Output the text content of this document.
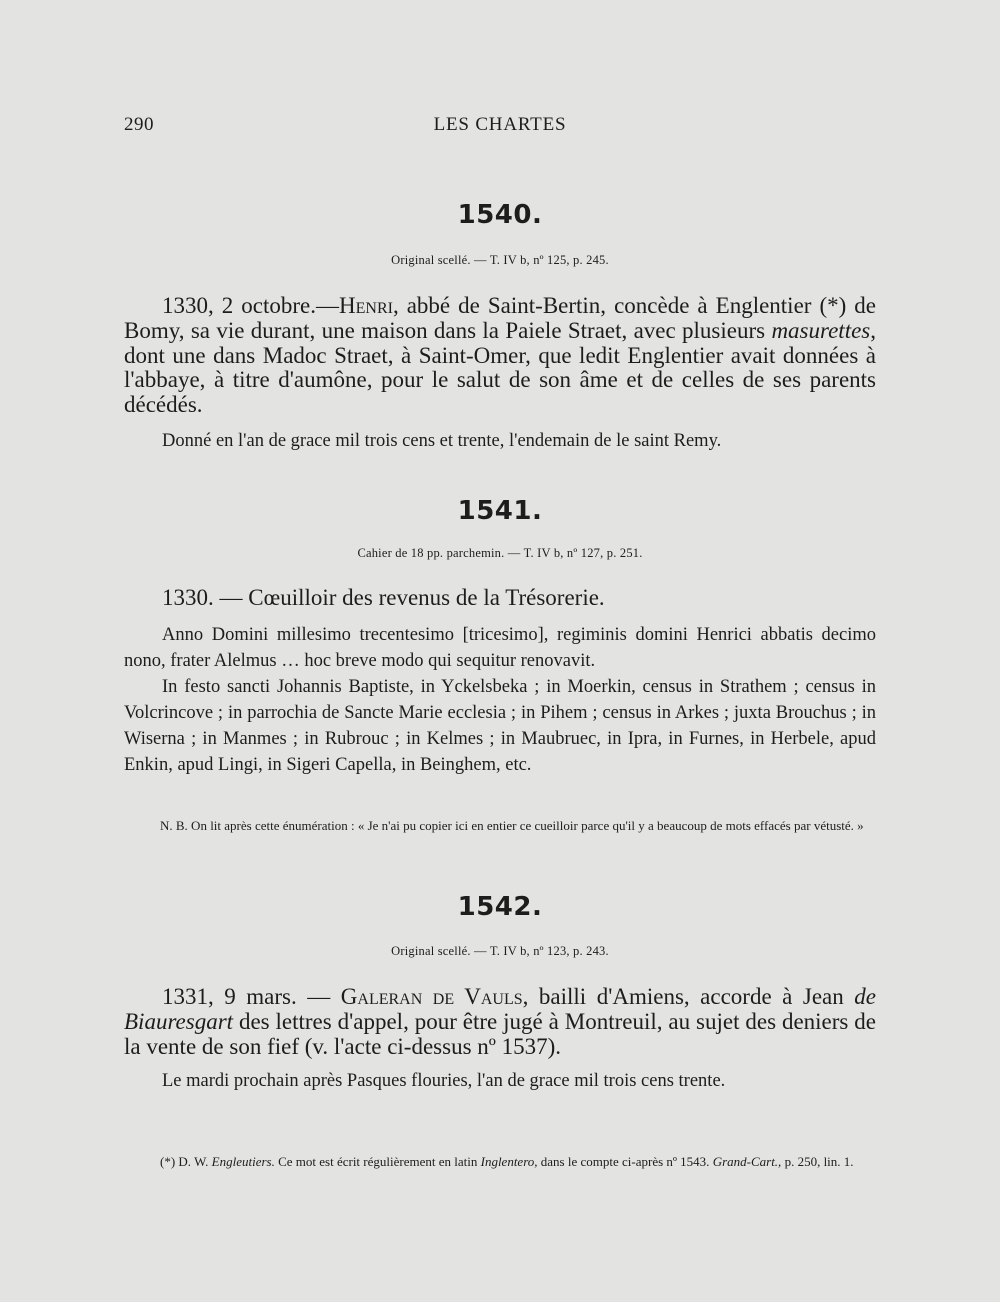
290	LES CHARTES
1540.
Original scellé. — T. IV b, nº 125, p. 245.
1330, 2 octobre.—Henri, abbé de Saint-Bertin, concède à Englentier (*) de Bomy, sa vie durant, une maison dans la Paiele Straet, avec plusieurs masurettes, dont une dans Madoc Straet, à Saint-Omer, que ledit Englentier avait données à l'abbaye, à titre d'aumône, pour le salut de son âme et de celles de ses parents décédés.

Donné en l'an de grace mil trois cens et trente, l'endemain de le saint Remy.

1541.
Cahier de 18 pp. parchemin. — T. IV b, nº 127, p. 251.
1330. — Cœuilloir des revenus de la Trésorerie.

Anno Domini millesimo trecentesimo [tricesimo], regiminis domini Henrici abbatis decimo nono, frater Alelmus … hoc breve modo qui sequitur renovavit.

In festo sancti Johannis Baptiste, in Yckelsbeka ; in Moerkin, census in Strathem ; census in Volcrincove ; in parrochia de Sancte Marie ecclesia ; in Pihem ; census in Arkes ; juxta Brouchus ; in Wiserna ; in Manmes ; in Rubrouc ; in Kelmes ; in Maubruec, in Ipra, in Furnes, in Herbele, apud Enkin, apud Lingi, in Sigeri Capella, in Beinghem, etc.

N. B. On lit après cette énumération : « Je n'ai pu copier ici en entier ce cueilloir parce qu'il y a beaucoup de mots effacés par vétusté. »

1542.
Original scellé. — T. IV b, nº 123, p. 243.
1331, 9 mars. — Galeran de Vauls, bailli d'Amiens, accorde à Jean de Biauresgart des lettres d'appel, pour être jugé à Montreuil, au sujet des deniers de la vente de son fief (v. l'acte ci-dessus nº 1537).

Le mardi prochain après Pasques flouries, l'an de grace mil trois cens trente.

(*) D. W. Engleutiers. Ce mot est écrit régulièrement en latin Inglentero, dans le compte ci-après nº 1543. Grand-Cart., p. 250, lin. 1.
